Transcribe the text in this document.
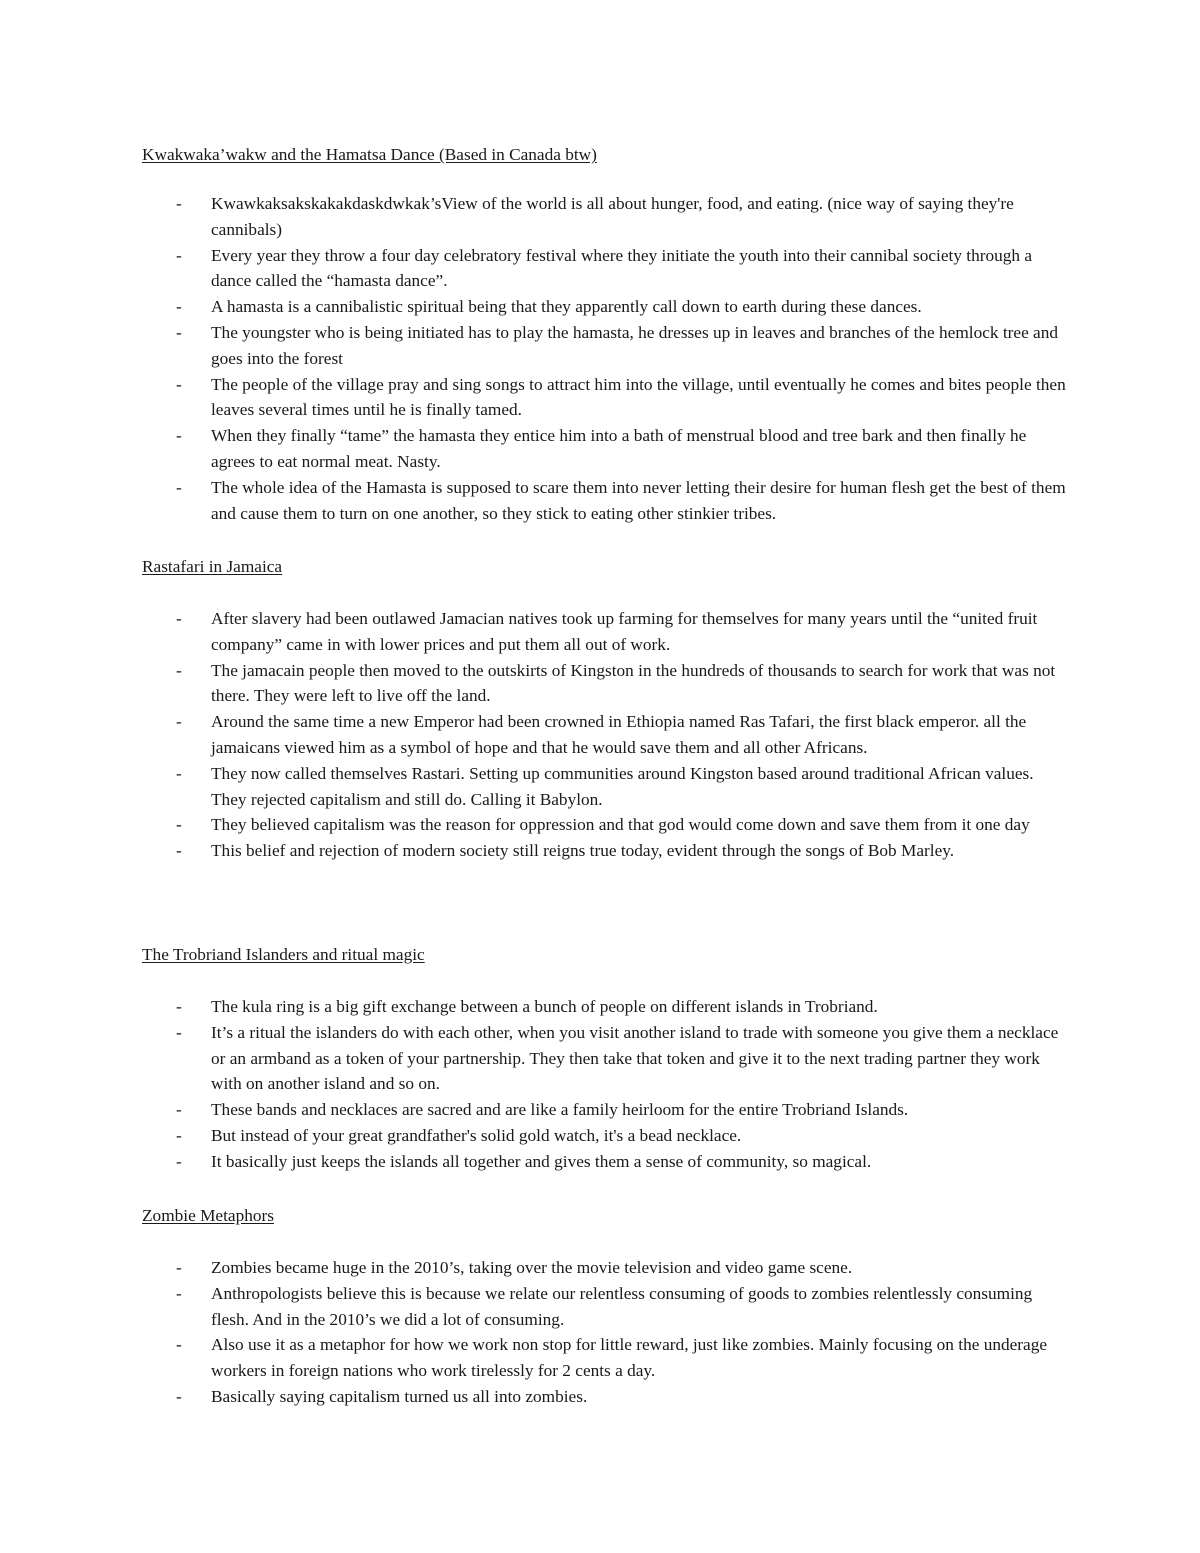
Kwakwaka’wakw and the Hamatsa Dance (Based in Canada btw)
- Kwawkaksakskakakdaskdwkak’sView of the world is all about hunger, food, and eating. (nice way of saying they're cannibals)
- Every year they throw a four day celebratory festival where they initiate the youth into their cannibal society through a dance called the “hamasta dance”.
- A hamasta is a cannibalistic spiritual being that they apparently call down to earth during these dances.
- The youngster who is being initiated has to play the hamasta, he dresses up in leaves and branches of the hemlock tree and goes into the forest
- The people of the village pray and sing songs to attract him into the village, until eventually he comes and bites people then leaves several times until he is finally tamed.
- When they finally “tame” the hamasta they entice him into a bath of menstrual blood and tree bark and then finally he agrees to eat normal meat. Nasty.
- The whole idea of the Hamasta is supposed to scare them into never letting their desire for human flesh get the best of them and cause them to turn on one another, so they stick to eating other stinkier tribes.
Rastafari in Jamaica
- After slavery had been outlawed Jamacian natives took up farming for themselves for many years until the “united fruit company” came in with lower prices and put them all out of work.
- The jamacain people then moved to the outskirts of Kingston in the hundreds of thousands to search for work that was not there. They were left to live off the land.
- Around the same time a new Emperor had been crowned in Ethiopia named Ras Tafari, the first black emperor. all the jamaicans viewed him as a symbol of hope and that he would save them and all other Africans.
- They now called themselves Rastari. Setting up communities around Kingston based around traditional African values. They rejected capitalism and still do. Calling it Babylon.
- They believed capitalism was the reason for oppression and that god would come down and save them from it one day
- This belief and rejection of modern society still reigns true today, evident through the songs of Bob Marley.
The Trobriand Islanders and ritual magic
- The kula ring is a big gift exchange between a bunch of people on different islands in Trobriand.
- It’s a ritual the islanders do with each other, when you visit another island to trade with someone you give them a necklace or an armband as a token of your partnership. They then take that token and give it to the next trading partner they work with on another island and so on.
- These bands and necklaces are sacred and are like a family heirloom for the entire Trobriand Islands.
- But instead of your great grandfather's solid gold watch, it's a bead necklace.
- It basically just keeps the islands all together and gives them a sense of community, so magical.
Zombie Metaphors
- Zombies became huge in the 2010’s, taking over the movie television and video game scene.
- Anthropologists believe this is because we relate our relentless consuming of goods to zombies relentlessly consuming flesh. And in the 2010’s we did a lot of consuming.
- Also use it as a metaphor for how we work non stop for little reward, just like zombies. Mainly focusing on the underage workers in foreign nations who work tirelessly for 2 cents a day.
- Basically saying capitalism turned us all into zombies.
